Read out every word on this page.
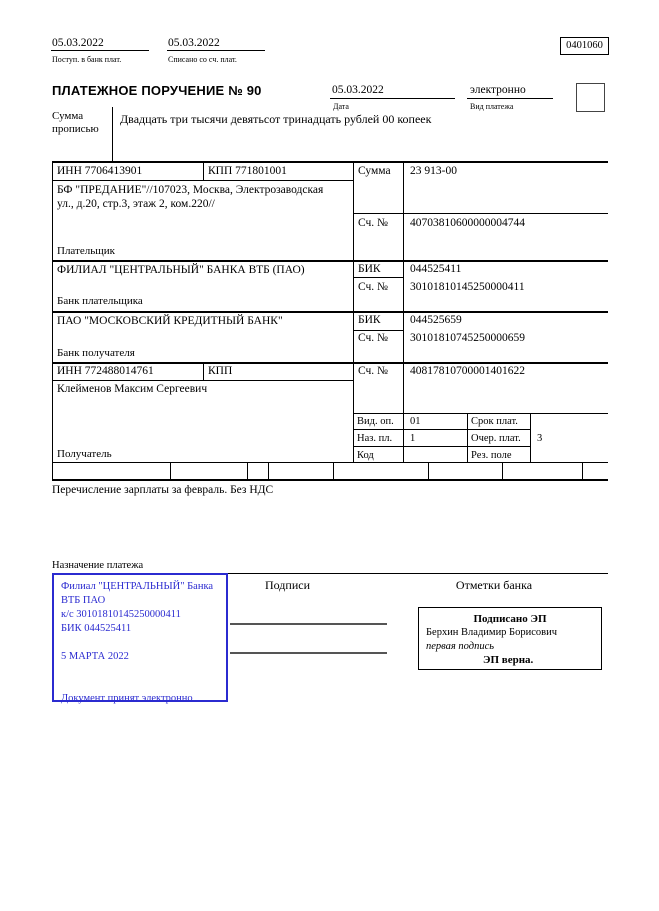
05.03.2022
Поступ. в банк плат.
05.03.2022
Списано со сч. плат.
0401060
ПЛАТЕЖНОЕ ПОРУЧЕНИЕ № 90	05.03.2022
Дата
электронно
Вид платежа
Сумма прописью
Двадцать три тысячи девятьсот тринадцать рублей 00 копеек
ИНН 7706413901	КПП 771801001	Сумма 23 913-00
БФ "ПРЕДАНИЕ"//107023, Москва, Электрозаводская ул., д.20, стр.3, этаж 2, ком.220//
Плательщик
Сч. № 40703810600000004744
ФИЛИАЛ "ЦЕНТРАЛЬНЫЙ" БАНКА ВТБ (ПАО)
Банк плательщика
БИК	044525411
Сч. № 30101810145250000411
ПАО "МОСКОВСКИЙ КРЕДИТНЫЙ БАНК"
Банк получателя
БИК	044525659
Сч. № 30101810745250000659
ИНН 772488014761	КПП	Сч. № 40817810700001401622
Клейменов Максим Сергеевич
Получатель
Вид. оп. 01	Срок плат.
Наз. пл. 1	Очер. плат. 3
Код	Рез. поле
Перечисление зарплаты за февраль. Без НДС
Назначение платежа
Филиал "ЦЕНТРАЛЬНЫЙ" Банка
ВТБ ПАО
к/с 30101810145250000411
БИК 044525411
5 МАРТА 2022
Документ принят электронно
Подписи	Отметки банка
Подписано ЭП
Берхин Владимир Борисович
первая подпись
ЭП верна.
